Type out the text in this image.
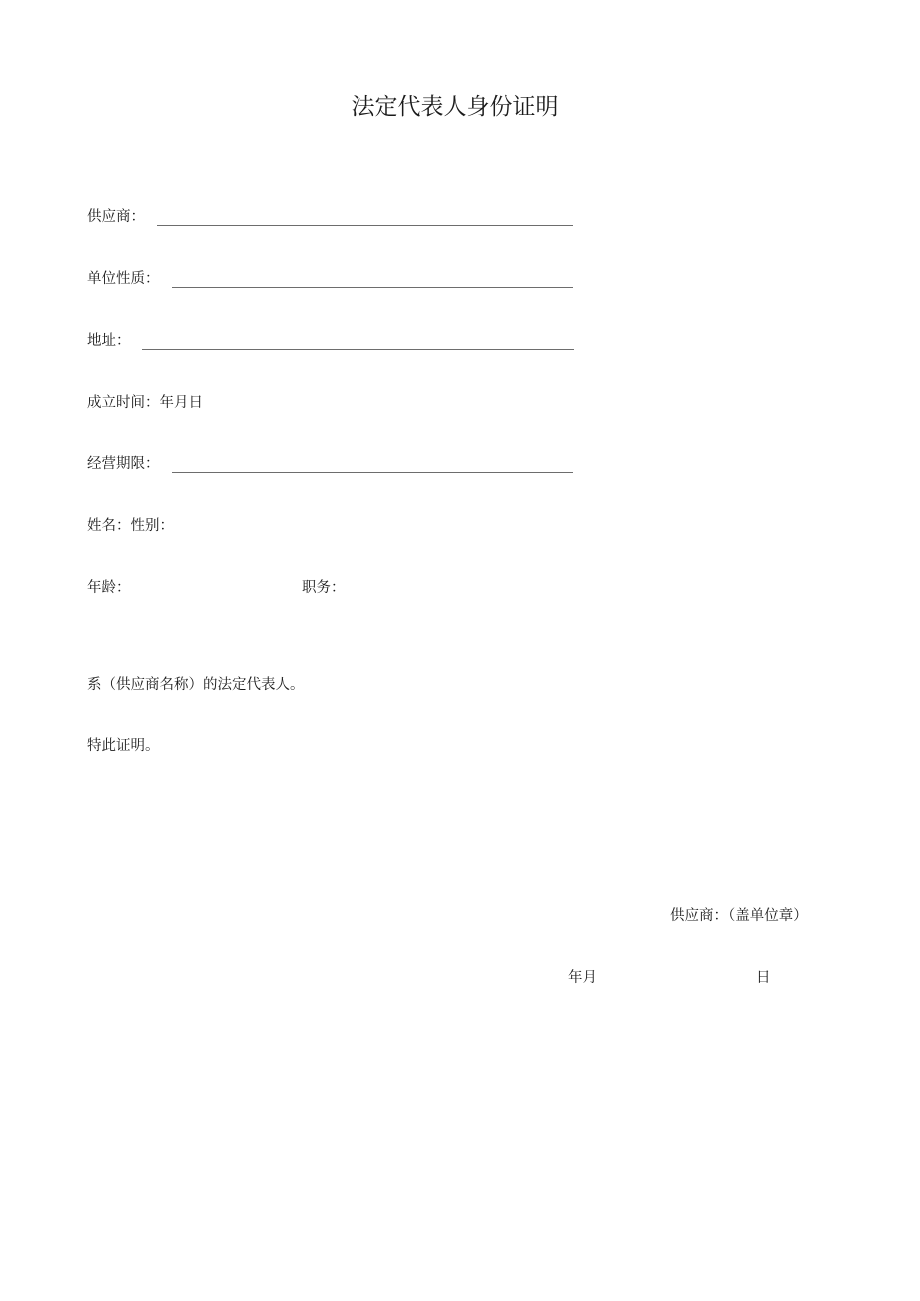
法定代表人身份证明
供应商：
单位性质：
地址：
成立时间：年月日
经营期限：
姓名：性别：
年龄：	职务：
系（供应商名称）的法定代表人。
特此证明。
供应商：（盖单位章）
年月	日
